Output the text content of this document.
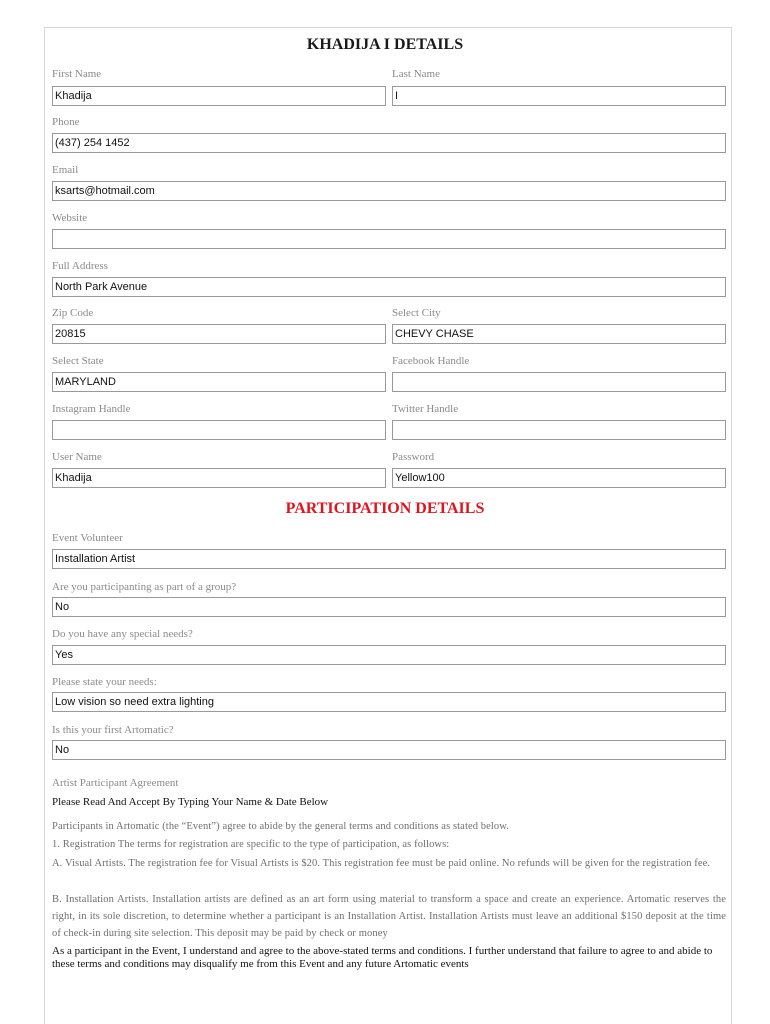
KHADIJA I DETAILS
First Name	Last Name
Khadija	I
Phone
(437) 254 1452
Email
ksarts@hotmail.com
Website
Full Address
North Park Avenue
Zip Code	Select City
20815	CHEVY CHASE
Select State	Facebook Handle
MARYLAND
Instagram Handle	Twitter Handle
User Name	Password
Khadija	Yellow100
PARTICIPATION DETAILS
Event Volunteer
Installation Artist
Are you participanting as part of a group?
No
Do you have any special needs?
Yes
Please state your needs:
Low vision so need extra lighting
Is this your first Artomatic?
No
Artist Participant Agreement
Please Read And Accept By Typing Your Name & Date Below
Participants in Artomatic (the “Event”) agree to abide by the general terms and conditions as stated below.
1. Registration The terms for registration are specific to the type of participation, as follows:
A. Visual Artists. The registration fee for Visual Artists is $20. This registration fee must be paid online. No refunds will be given for the registration fee.
B. Installation Artists. Installation artists are defined as an art form using material to transform a space and create an experience. Artomatic reserves the right, in its sole discretion, to determine whether a participant is an Installation Artist. Installation Artists must leave an additional $150 deposit at the time of check-in during site selection. This deposit may be paid by check or money
As a participant in the Event, I understand and agree to the above-stated terms and conditions. I further understand that failure to agree to and abide to these terms and conditions may disqualify me from this Event and any future Artomatic events
